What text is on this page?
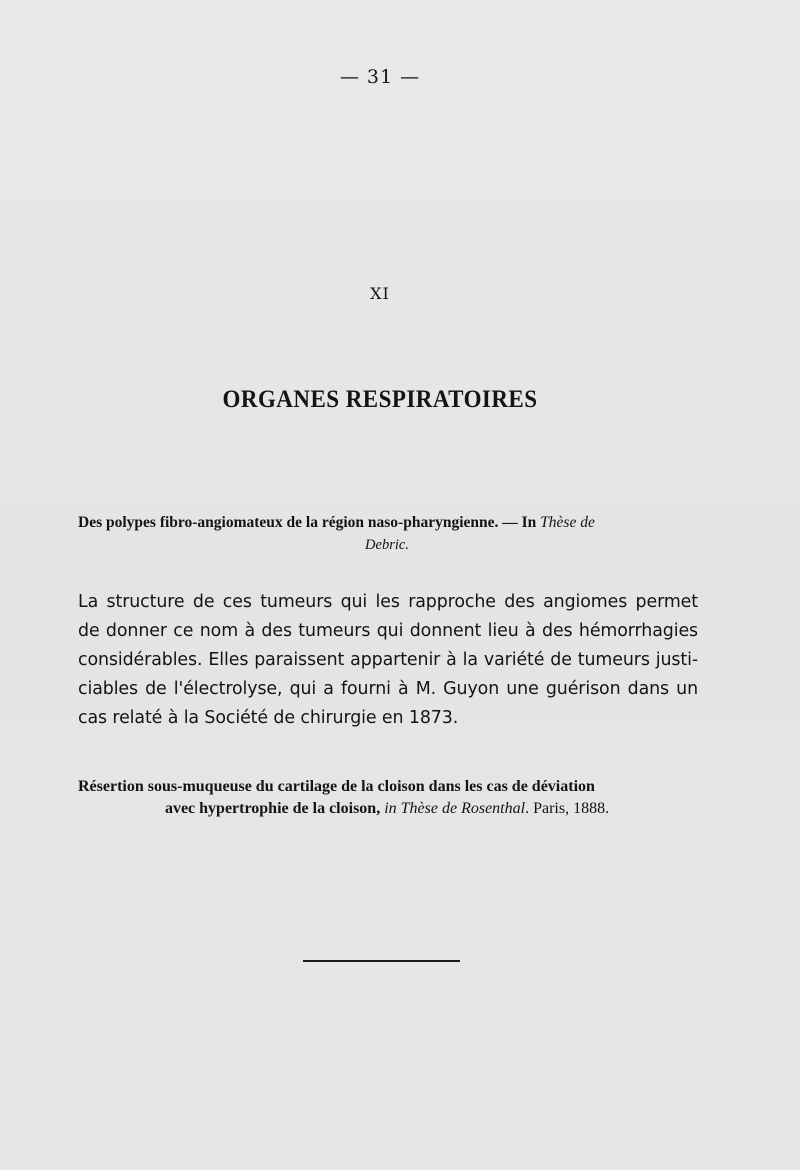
— 31 —
XI
ORGANES RESPIRATOIRES
Des polypes fibro-angiomateux de la région naso-pharyngienne. — In Thèse de
Debric.
La structure de ces tumeurs qui les rapproche des angiomes permet
de donner ce nom à des tumeurs qui donnent lieu à des hémorrhagies
considérables. Elles paraissent appartenir à la variété de tumeurs justi-
ciables de l'électrolyse, qui a fourni à M. Guyon une guérison dans un
cas relaté à la Société de chirurgie en 1873.
Résertion sous-muqueuse du cartilage de la cloison dans les cas de déviation
avec hypertrophie de la cloison, in Thèse de Rosenthal. Paris, 1888.
